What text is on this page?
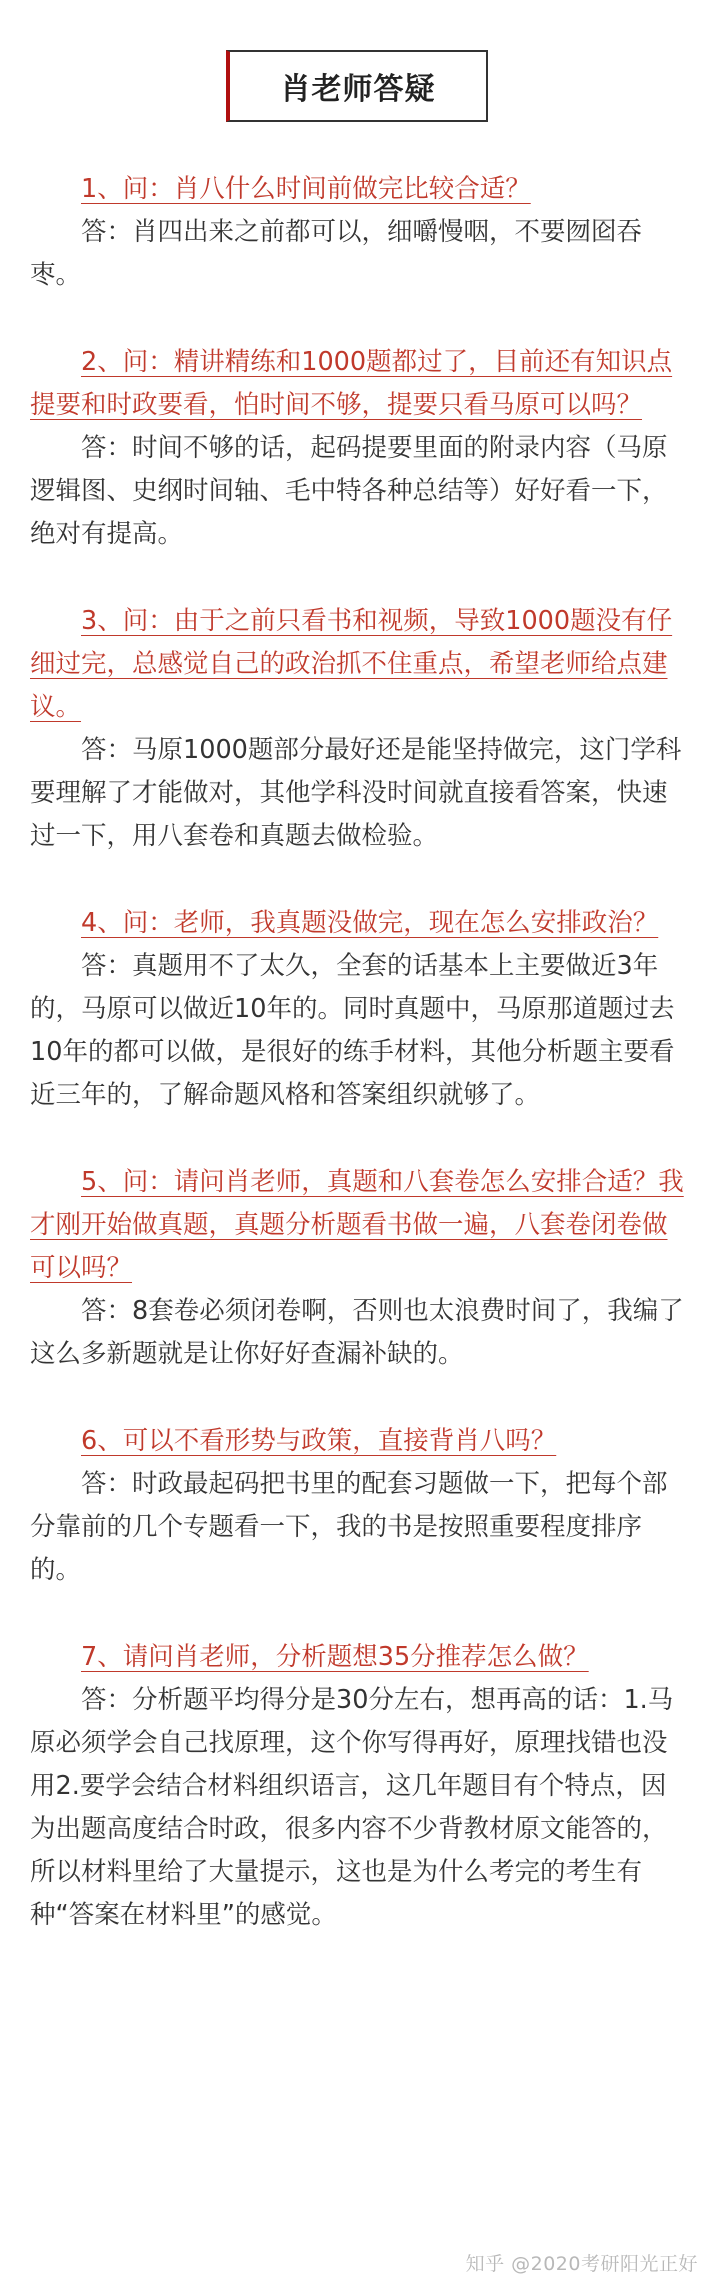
肖老师答疑

1、问：肖八什么时间前做完比较合适？

答：肖四出来之前都可以，细嚼慢咽，不要囫囵吞枣。

2、问：精讲精练和1000题都过了，目前还有知识点提要和时政要看，怕时间不够，提要只看马原可以吗？

答：时间不够的话，起码提要里面的附录内容（马原逻辑图、史纲时间轴、毛中特各种总结等）好好看一下，绝对有提高。

3、问：由于之前只看书和视频，导致1000题没有仔细过完，总感觉自己的政治抓不住重点，希望老师给点建议。

答：马原1000题部分最好还是能坚持做完，这门学科要理解了才能做对，其他学科没时间就直接看答案，快速过一下，用八套卷和真题去做检验。

4、问：老师，我真题没做完，现在怎么安排政治？

答：真题用不了太久，全套的话基本上主要做近3年的，马原可以做近10年的。同时真题中，马原那道题过去10年的都可以做，是很好的练手材料，其他分析题主要看近三年的，了解命题风格和答案组织就够了。

5、问：请问肖老师，真题和八套卷怎么安排合适？我才刚开始做真题，真题分析题看书做一遍，八套卷闭卷做可以吗？

答：8套卷必须闭卷啊，否则也太浪费时间了，我编了这么多新题就是让你好好查漏补缺的。

6、可以不看形势与政策，直接背肖八吗？

答：时政最起码把书里的配套习题做一下，把每个部分靠前的几个专题看一下，我的书是按照重要程度排序的。

7、请问肖老师，分析题想35分推荐怎么做？

答：分析题平均得分是30分左右，想再高的话：1.马原必须学会自己找原理，这个你写得再好，原理找错也没用2.要学会结合材料组织语言，这几年题目有个特点，因为出题高度结合时政，很多内容不少背教材原文能答的，所以材料里给了大量提示，这也是为什么考完的考生有种“答案在材料里”的感觉。

知乎 @2020考研阳光正好
